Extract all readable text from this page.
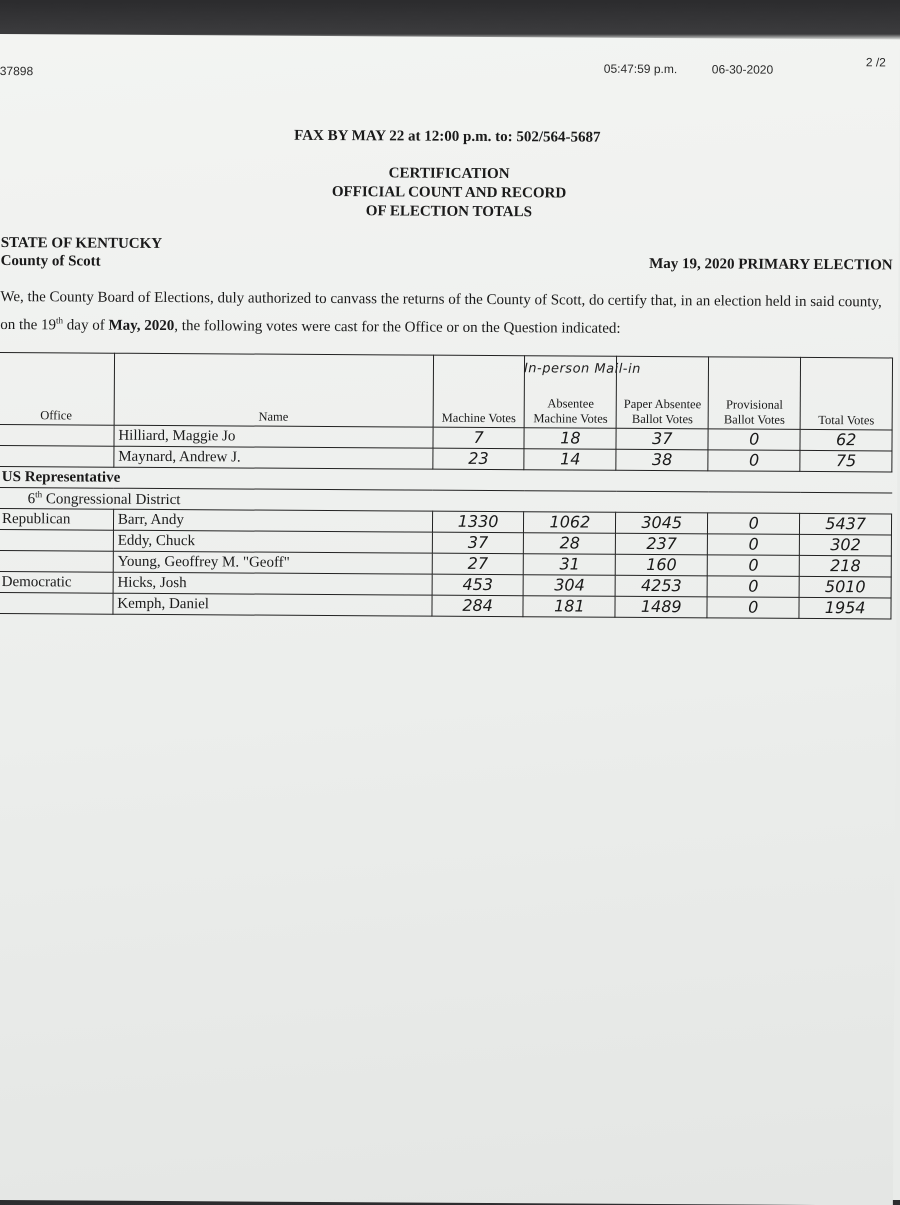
37898	05:47:59 p.m.	06-30-2020	2 /2
FAX BY MAY 22 at 12:00 p.m. to: 502/564-5687
CERTIFICATION
OFFICIAL COUNT AND RECORD
OF ELECTION TOTALS
STATE OF KENTUCKY
County of Scott	May 19, 2020 PRIMARY ELECTION
We, the County Board of Elections, duly authorized to canvass the returns of the County of Scott, do certify that, in an election held in said county, on the 19th day of May, 2020, the following votes were cast for the Office or on the Question indicated:
Office	Name	Machine Votes	Absentee Machine Votes	Paper Absentee Ballot Votes	Provisional Ballot Votes	Total Votes
	Hilliard, Maggie Jo	7	18	37	0	62
	Maynard, Andrew J.	23	14	38	0	75
US Representative						
6th Congressional District						
Republican	Barr, Andy	1330	1062	3045	0	5437
	Eddy, Chuck	37	28	237	0	302
	Young, Geoffrey M. "Geoff"	27	31	160	0	218
Democratic	Hicks, Josh	453	304	4253	0	5010
	Kemph, Daniel	284	181	1489	0	1954
In-person Mail-in
